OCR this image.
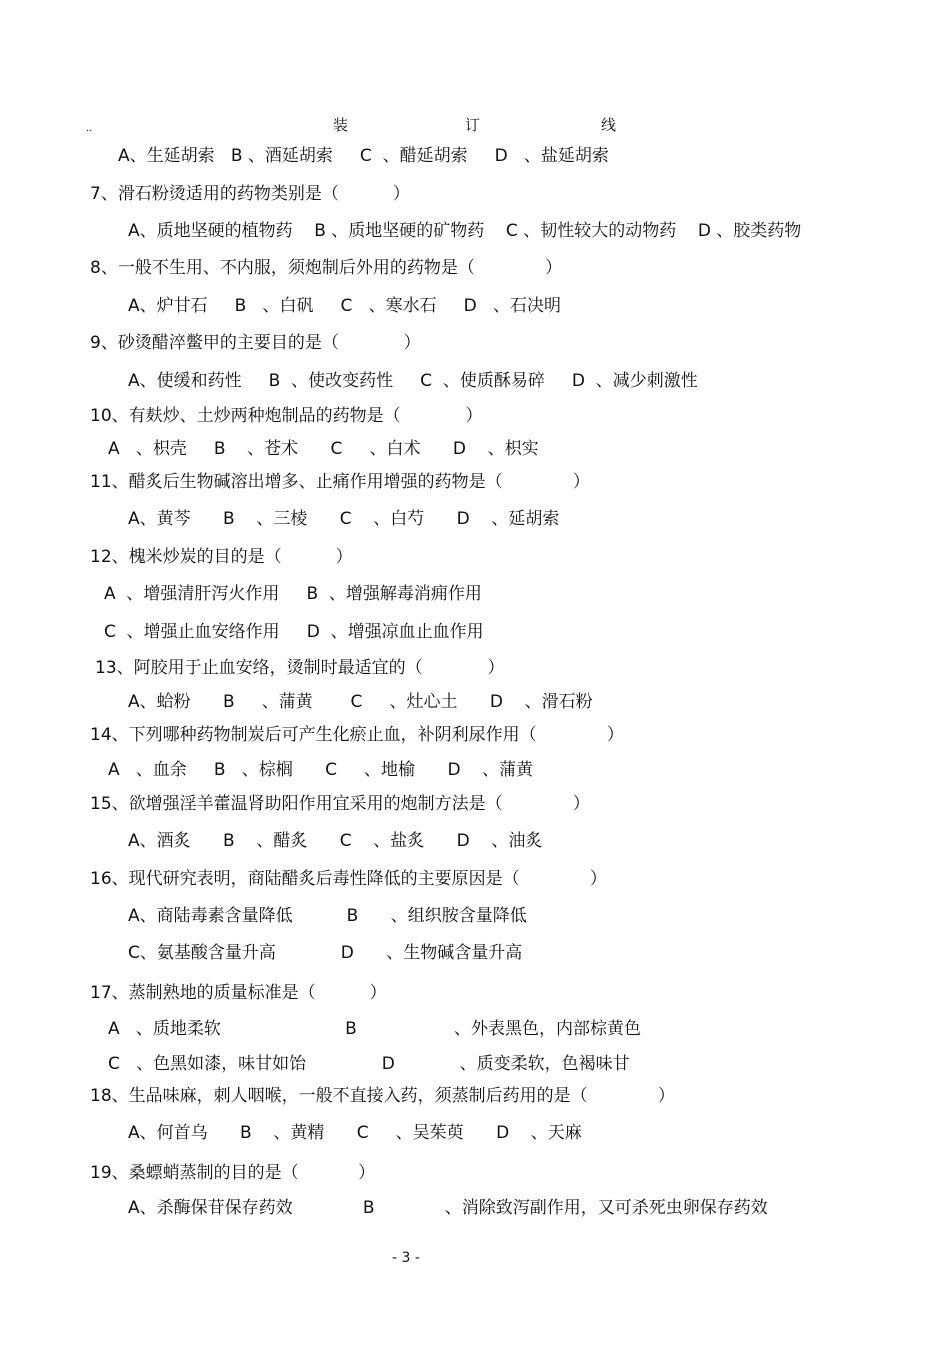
装	订	线
··
A、生延胡索   B 、酒延胡索     C  、醋延胡索     D   、盐延胡索
7、滑石粉烫适用的药物类别是（          ）
A、质地坚硬的植物药    B 、质地坚硬的矿物药    C 、韧性较大的动物药    D 、胶类药物
8、一般不生用、不内服，须炮制后外用的药物是（             ）
A、炉甘石     B   、白矾     C   、寒水石     D   、石决明
9、砂烫醋淬鳖甲的主要目的是（            ）
A、使缓和药性     B  、使改变药性     C  、使质酥易碎     D  、减少刺激性
10、有麸炒、土炒两种炮制品的药物是（            ）
A   、枳壳     B    、苍术      C     、白术      D    、枳实
11、醋炙后生物碱溶出增多、止痛作用增强的药物是（             ）
A、黄芩      B    、三棱      C    、白芍      D    、延胡索
12、槐米炒炭的目的是（          ）
A  、增强清肝泻火作用     B  、增强解毒消痈作用
C  、增强止血安络作用     D  、增强凉血止血作用
13、阿胶用于止血安络，烫制时最适宜的（            ）
A、蛤粉      B     、蒲黄       C     、灶心土      D    、滑石粉
14、下列哪种药物制炭后可产生化瘀止血，补阴利尿作用（             ）
A   、血余     B   、棕榈      C     、地榆      D    、蒲黄
15、欲增强淫羊藿温肾助阳作用宜采用的炮制方法是（             ）
A、酒炙      B    、醋炙      C    、盐炙      D    、油炙
16、现代研究表明，商陆醋炙后毒性降低的主要原因是（             ）
A、商陆毒素含量降低          B      、组织胺含量降低
C、氨基酸含量升高            D      、生物碱含量升高
17、蒸制熟地的质量标准是（          ）
A   、质地柔软                       B                  、外表黑色，内部棕黄色
C   、色黑如漆，味甘如饴              D            、质变柔软，色褐味甘
18、生品味麻，刺人咽喉，一般不直接入药，须蒸制后药用的是（             ）
A、何首乌      B    、黄精      C     、吴茱萸      D    、天麻
19、桑螵蛸蒸制的目的是（           ）
A、杀酶保苷保存药效             B             、消除致泻副作用，又可杀死虫卵保存药效
- 3 -
